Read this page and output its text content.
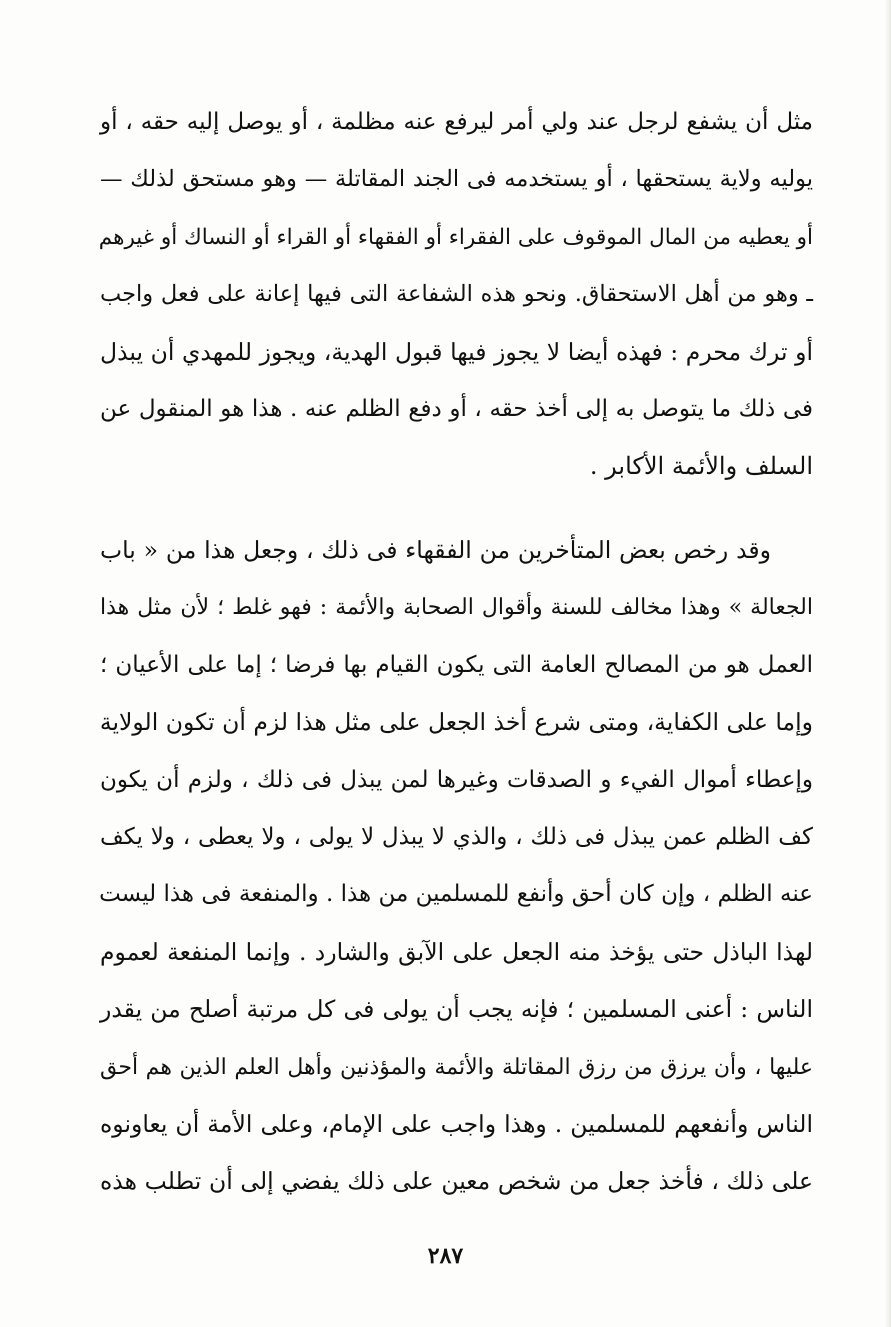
مثل أن يشفع لرجل عند ولي أمر ليرفع عنه مظلمة ، أو يوصل إليه حقه ، أو
يوليه ولاية يستحقها ، أو يستخدمه فى الجند المقاتلة — وهو مستحق لذلك —
أو يعطيه من المال الموقوف على الفقراء أو الفقهاء أو القراء أو النساك أو غيرهم
ـ وهو من أهل الاستحقاق. ونحو هذه الشفاعة التى فيها إعانة على فعل واجب
أو ترك محرم : فهذه أيضا لا يجوز فيها قبول الهدية، ويجوز للمهدي أن يبذل
فى ذلك ما يتوصل به إلى أخذ حقه ، أو دفع الظلم عنه . هذا هو المنقول عن
السلف والأئمة الأكابر .
وقد رخص بعض المتأخرين من الفقهاء فى ذلك ، وجعل هذا من « باب
الجعالة » وهذا مخالف للسنة وأقوال الصحابة والأئمة : فهو غلط ؛ لأن مثل هذا
العمل هو من المصالح العامة التى يكون القيام بها فرضا ؛ إما على الأعيان ؛
وإما على الكفاية، ومتى شرع أخذ الجعل على مثل هذا لزم أن تكون الولاية
وإعطاء أموال الفيء و الصدقات وغيرها لمن يبذل فى ذلك ، ولزم أن يكون
كف الظلم عمن يبذل فى ذلك ، والذي لا يبذل لا يولى ، ولا يعطى ، ولا يكف
عنه الظلم ، وإن كان أحق وأنفع للمسلمين من هذا . والمنفعة فى هذا ليست
لهذا الباذل حتى يؤخذ منه الجعل على الآبق والشارد . وإنما المنفعة لعموم
الناس : أعنى المسلمين ؛ فإنه يجب أن يولى فى كل مرتبة أصلح من يقدر
عليها ، وأن يرزق من رزق المقاتلة والأئمة والمؤذنين وأهل العلم الذين هم أحق
الناس وأنفعهم للمسلمين . وهذا واجب على الإمام، وعلى الأمة أن يعاونوه
على ذلك ، فأخذ جعل من شخص معين على ذلك يفضي إلى أن تطلب هذه
٢٨٧
